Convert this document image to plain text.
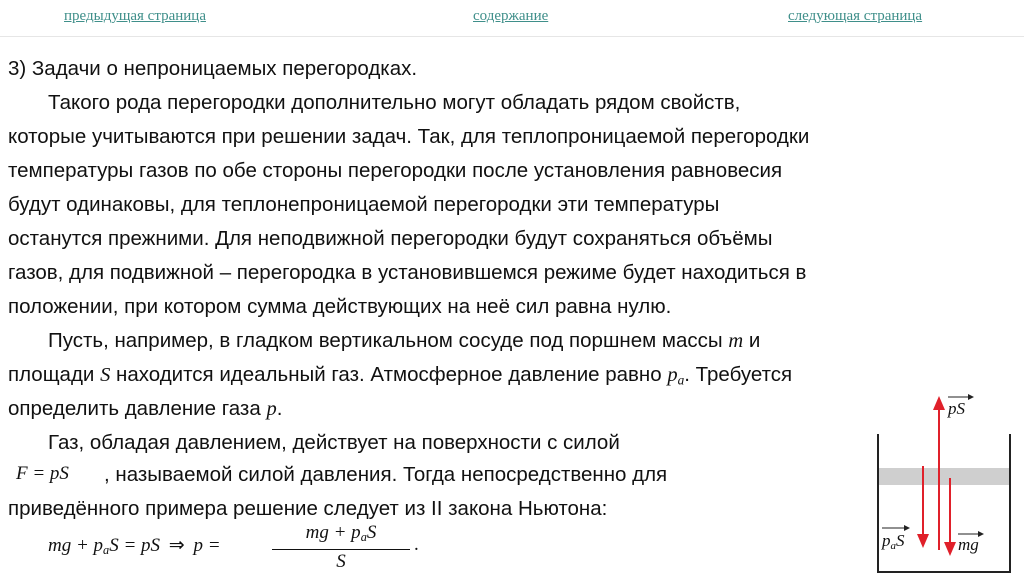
предыдущая страница	содержание	следующая страница
3) Задачи о непроницаемых перегородках.
Такого рода перегородки дополнительно могут обладать рядом свойств,
которые учитываются при решении задач. Так, для теплопроницаемой перегородки
температуры газов по обе стороны перегородки после установления равновесия
будут одинаковы, для теплонепроницаемой перегородки эти температуры
останутся прежними. Для неподвижной перегородки будут сохраняться объёмы
газов, для подвижной – перегородка в установившемся режиме будет находиться в
положении, при котором сумма действующих на неё сил равна нулю.
Пусть, например, в гладком вертикальном сосуде под поршнем массы m и
площади S находится идеальный газ. Атмосферное давление равно $p_a$. Требуется
определить давление газа p.
Газ, обладая давлением, действует на поверхности с силой
F = pS , называемой силой давления. Тогда непосредственно для
приведённого примера решение следует из II закона Ньютона:
mg + $p_aS$ = pS ⇒ p =
mg + $p_aS$
S
.
pS
paS	mg
